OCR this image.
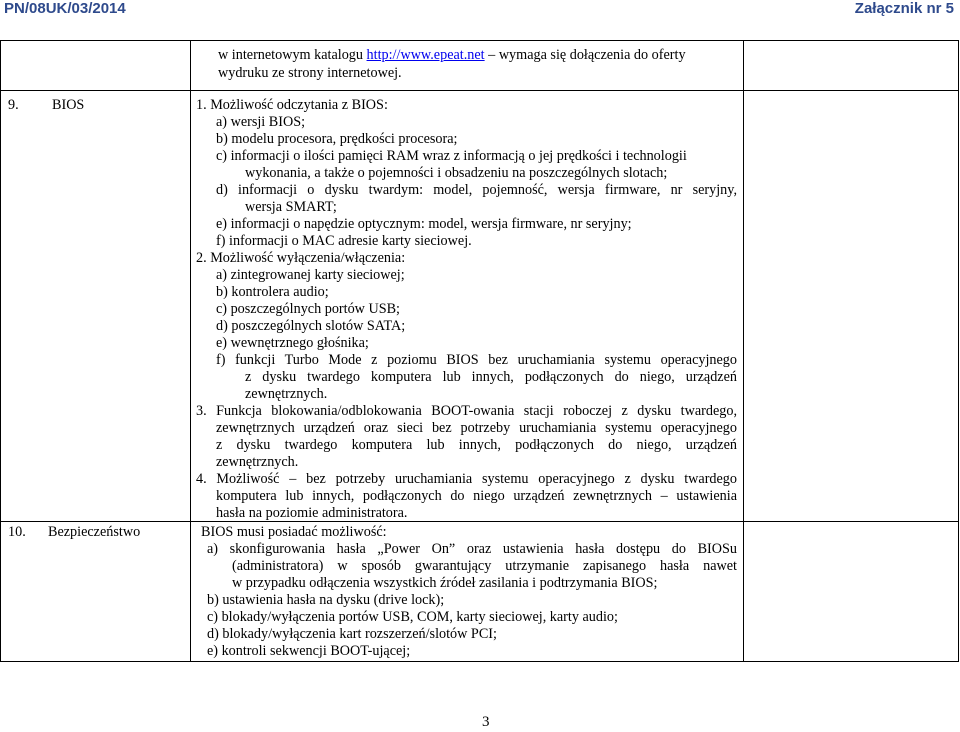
PN/08UK/03/2014	Załącznik nr 5
w internetowym katalogu http://www.epeat.net – wymaga się dołączenia do oferty
wydruku ze strony internetowej.
9. BIOS	1. Możliwość odczytania z BIOS:
a) wersji BIOS;
b) modelu procesora, prędkości procesora;
c) informacji o ilości pamięci RAM wraz z informacją o jej prędkości i technologii
wykonania, a także o pojemności i obsadzeniu na poszczególnych slotach;
d) informacji o dysku twardym: model, pojemność, wersja firmware, nr seryjny,
wersja SMART;
e) informacji o napędzie optycznym: model, wersja firmware, nr seryjny;
f) informacji o MAC adresie karty sieciowej.
2. Możliwość wyłączenia/włączenia:
a) zintegrowanej karty sieciowej;
b) kontrolera audio;
c) poszczególnych portów USB;
d) poszczególnych slotów SATA;
e) wewnętrznego głośnika;
f) funkcji Turbo Mode z poziomu BIOS bez uruchamiania systemu operacyjnego
z dysku twardego komputera lub innych, podłączonych do niego, urządzeń
zewnętrznych.
3. Funkcja blokowania/odblokowania BOOT-owania stacji roboczej z dysku twardego,
zewnętrznych urządzeń oraz sieci bez potrzeby uruchamiania systemu operacyjnego
z dysku twardego komputera lub innych, podłączonych do niego, urządzeń
zewnętrznych.
4. Możliwość – bez potrzeby uruchamiania systemu operacyjnego z dysku twardego
komputera lub innych, podłączonych do niego urządzeń zewnętrznych – ustawienia
hasła na poziomie administratora.
10. Bezpieczeństwo	BIOS musi posiadać możliwość:
a) skonfigurowania hasła „Power On” oraz ustawienia hasła dostępu do BIOSu
(administratora) w sposób gwarantujący utrzymanie zapisanego hasła nawet
w przypadku odłączenia wszystkich źródeł zasilania i podtrzymania BIOS;
b) ustawienia hasła na dysku (drive lock);
c) blokady/wyłączenia portów USB, COM, karty sieciowej, karty audio;
d) blokady/wyłączenia kart rozszerzeń/slotów PCI;
e) kontroli sekwencji BOOT-ującej;
3
